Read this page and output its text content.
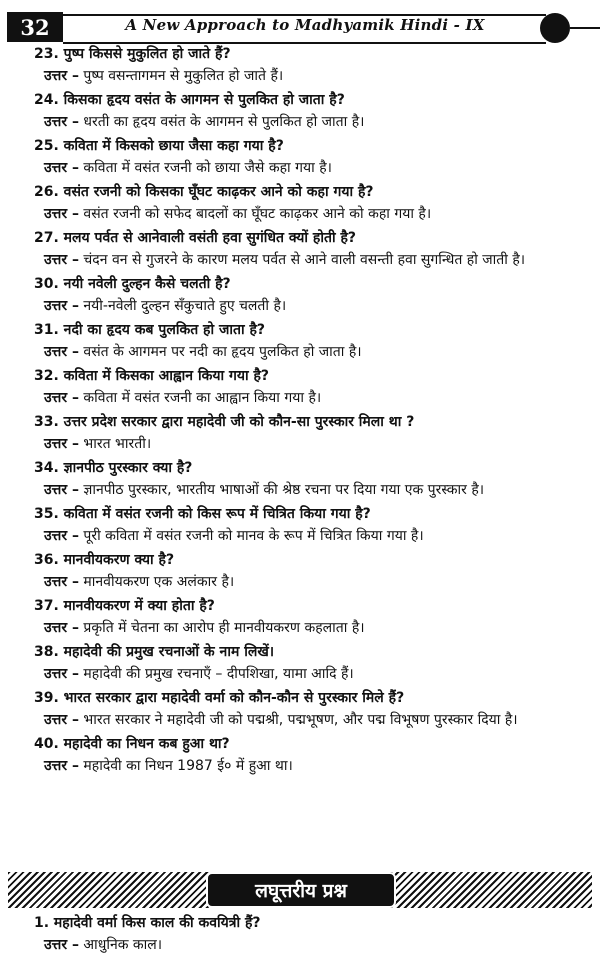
32	A New Approach to Madhyamik Hindi - IX

23. पुष्प किससे मुकुलित हो जाते हैं?

उत्तर – पुष्प वसन्तागमन से मुकुलित हो जाते हैं।

24. किसका हृदय वसंत के आगमन से पुलकित हो जाता है?

उत्तर – धरती का हृदय वसंत के आगमन से पुलकित हो जाता है।

25. कविता में किसको छाया जैसा कहा गया है?

उत्तर – कविता में वसंत रजनी को छाया जैसे कहा गया है।

26. वसंत रजनी को किसका घूँघट काढ़कर आने को कहा गया है?

उत्तर – वसंत रजनी को सफेद बादलों का घूँघट काढ़कर आने को कहा गया है।

27. मलय पर्वत से आनेवाली वसंती हवा सुगंधित क्यों होती है?

उत्तर – चंदन वन से गुजरने के कारण मलय पर्वत से आने वाली वसन्ती हवा सुगन्धित हो जाती है।

30. नयी नवेली दुल्हन कैसे चलती है?

उत्तर – नयी-नवेली दुल्हन सँकुचाते हुए चलती है।

31. नदी का हृदय कब पुलकित हो जाता है?

उत्तर – वसंत के आगमन पर नदी का हृदय पुलकित हो जाता है।

32. कविता में किसका आह्वान किया गया है?

उत्तर – कविता में वसंत रजनी का आह्वान किया गया है।

33. उत्तर प्रदेश सरकार द्वारा महादेवी जी को कौन-सा पुरस्कार मिला था ?

उत्तर – भारत भारती।

34. ज्ञानपीठ पुरस्कार क्या है?

उत्तर – ज्ञानपीठ पुरस्कार, भारतीय भाषाओं की श्रेष्ठ रचना पर दिया गया एक पुरस्कार है।

35. कविता में वसंत रजनी को किस रूप में चित्रित किया गया है?

उत्तर – पूरी कविता में वसंत रजनी को मानव के रूप में चित्रित किया गया है।

36. मानवीयकरण क्या है?

उत्तर – मानवीयकरण एक अलंकार है।

37. मानवीयकरण में क्या होता है?

उत्तर – प्रकृति में चेतना का आरोप ही मानवीयकरण कहलाता है।

38. महादेवी की प्रमुख रचनाओं के नाम लिखें।

उत्तर – महादेवी की प्रमुख रचनाएँ – दीपशिखा, यामा आदि हैं।

39. भारत सरकार द्वारा महादेवी वर्मा को कौन-कौन से पुरस्कार मिले हैं?

उत्तर – भारत सरकार ने महादेवी जी को पद्मश्री, पद्मभूषण, और पद्म विभूषण पुरस्कार दिया है।

40. महादेवी का निधन कब हुआ था?

उत्तर – महादेवी का निधन 1987 ई० में हुआ था।

लघूत्तरीय प्रश्न

1. महादेवी वर्मा किस काल की कवयित्री हैं?

उत्तर – आधुनिक काल।
